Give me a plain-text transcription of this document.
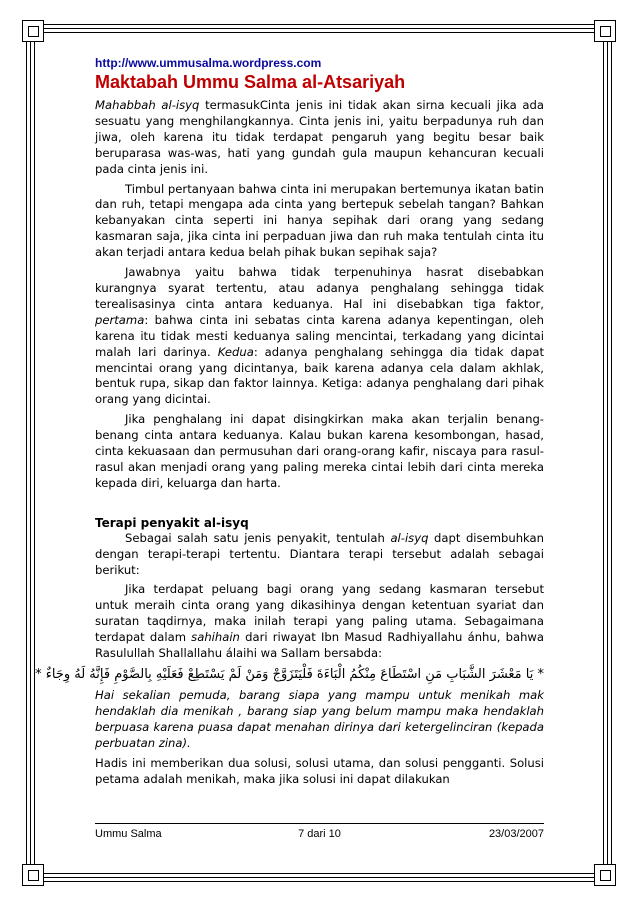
http://www.ummusalma.wordpress.com
Maktabah Ummu Salma al-Atsariyah

Mahabbah al-isyq termasukCinta jenis ini tidak akan sirna kecuali jika ada sesuatu yang menghilangkannya. Cinta jenis ini, yaitu berpadunya ruh dan jiwa, oleh karena itu tidak terdapat pengaruh yang begitu besar baik beruparasa was-was, hati yang gundah gula maupun kehancuran kecuali pada cinta jenis ini.

Timbul pertanyaan bahwa cinta ini merupakan bertemunya ikatan batin dan ruh, tetapi mengapa ada cinta yang bertepuk sebelah tangan? Bahkan kebanyakan cinta seperti ini hanya sepihak dari orang yang sedang kasmaran saja, jika cinta ini perpaduan jiwa dan ruh maka tentulah cinta itu akan terjadi antara kedua belah pihak bukan sepihak saja?

Jawabnya yaitu bahwa tidak terpenuhinya hasrat disebabkan kurangnya syarat tertentu, atau adanya penghalang sehingga tidak terealisasinya cinta antara keduanya. Hal ini disebabkan tiga faktor, pertama: bahwa cinta ini sebatas cinta karena adanya kepentingan, oleh karena itu tidak mesti keduanya saling mencintai, terkadang yang dicintai malah lari darinya. Kedua: adanya penghalang sehingga dia tidak dapat mencintai orang yang dicintanya, baik karena adanya cela dalam akhlak, bentuk rupa, sikap dan faktor lainnya. Ketiga: adanya penghalang dari pihak orang yang dicintai.

Jika penghalang ini dapat disingkirkan maka akan terjalin benang-benang cinta antara keduanya. Kalau bukan karena kesombongan, hasad, cinta kekuasaan dan permusuhan dari orang-orang kafir, niscaya para rasul-rasul akan menjadi orang yang paling mereka cintai lebih dari cinta mereka kepada diri, keluarga dan harta.

Terapi penyakit al-isyq

Sebagai salah satu jenis penyakit, tentulah al-isyq dapt disembuhkan dengan terapi-terapi tertentu. Diantara terapi tersebut adalah sebagai berikut:

Jika terdapat peluang bagi orang yang sedang kasmaran tersebut untuk meraih cinta orang yang dikasihinya dengan ketentuan syariat dan suratan taqdirnya, maka inilah terapi yang paling utama. Sebagaimana terdapat dalam sahihain dari riwayat Ibn Masud Radhiyallahu ánhu, bahwa Rasulullah Shallallahu álaihi wa Sallam bersabda:

* يَا مَعْشَرَ الشَّبَابِ مَنِ اسْتَطَاعَ مِنْكُمُ الْبَاءَةَ فَلْيَتَزَوَّجْ وَمَنْ لَمْ يَسْتَطِعْ فَعَلَيْهِ بِالصَّوْمِ فَإِنَّهُ لَهُ وِجَاءٌ *

Hai sekalian pemuda, barang siapa yang mampu untuk menikah mak hendaklah dia menikah , barang siap yang belum mampu maka hendaklah berpuasa karena puasa dapat menahan dirinya dari ketergelinciran (kepada perbuatan zina).

Hadis ini memberikan dua solusi, solusi utama, dan solusi pengganti. Solusi petama adalah menikah, maka jika solusi ini dapat dilakukan

Ummu Salma	7 dari 10	23/03/2007
